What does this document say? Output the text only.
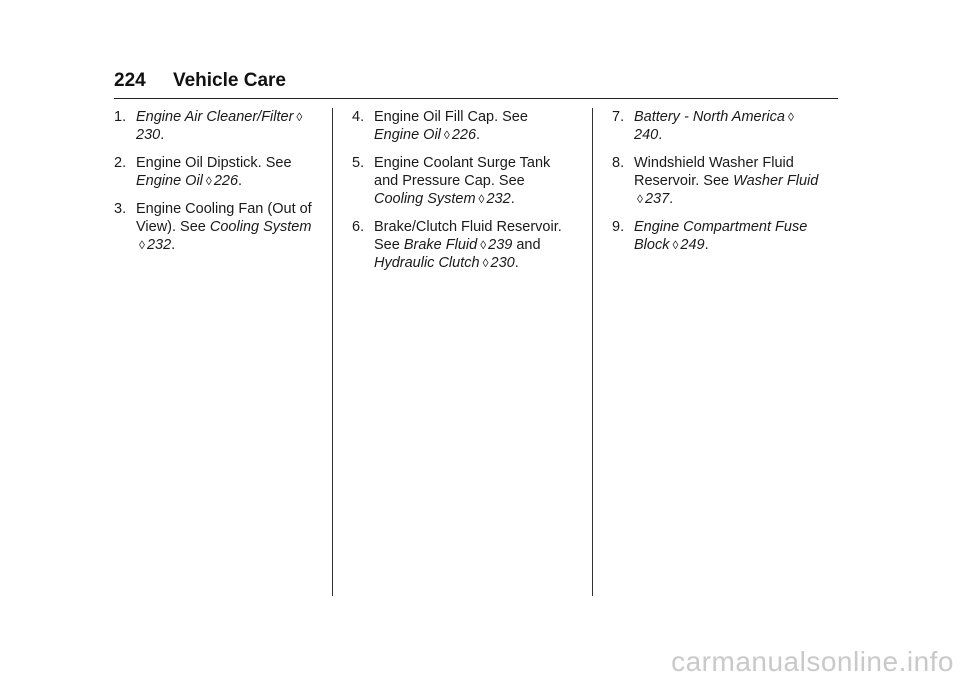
224 Vehicle Care
1. Engine Air Cleaner/Filter ◊230.
2. Engine Oil Dipstick. See
Engine Oil ◊ 226.
3. Engine Cooling Fan (Out of
View). See Cooling System
◊ 232.
4. Engine Oil Fill Cap. See
Engine Oil ◊ 226.
5. Engine Coolant Surge Tank
and Pressure Cap. See
Cooling System ◊ 232.
6. Brake/Clutch Fluid Reservoir.
See Brake Fluid ◊ 239 and
Hydraulic Clutch ◊ 230.
7. Battery - North America ◊240.
8. Windshield Washer Fluid
Reservoir. See Washer Fluid
◊ 237.
9. Engine Compartment Fuse
Block ◊ 249.
carmanualsonline.info
